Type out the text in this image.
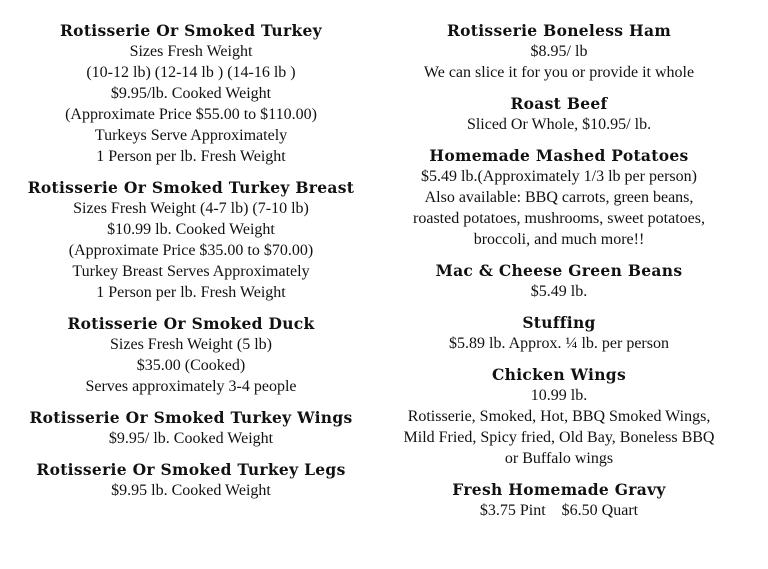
Rotisserie Or Smoked Turkey
Sizes Fresh Weight
(10-12 lb) (12-14 lb ) (14-16 lb )
$9.95/lb. Cooked Weight
(Approximate Price $55.00 to $110.00)
Turkeys Serve Approximately
1 Person per lb. Fresh Weight
Rotisserie Or Smoked Turkey Breast
Sizes Fresh Weight (4-7 lb) (7-10 lb)
$10.99 lb. Cooked Weight
(Approximate Price $35.00 to $70.00)
Turkey Breast Serves Approximately
1 Person per lb. Fresh Weight
Rotisserie Or Smoked Duck
Sizes Fresh Weight (5 lb)
$35.00 (Cooked)
Serves approximately 3-4 people
Rotisserie Or Smoked Turkey Wings
$9.95/ lb. Cooked Weight
Rotisserie Or Smoked Turkey Legs
$9.95 lb. Cooked Weight
Rotisserie Boneless Ham
$8.95/ lb
We can slice it for you or provide it whole
Roast Beef
Sliced Or Whole, $10.95/ lb.
Homemade Mashed Potatoes
$5.49 lb.(Approximately 1/3 lb per person)
Also available: BBQ carrots, green beans,
roasted potatoes, mushrooms, sweet potatoes,
broccoli, and much more!!
Mac & Cheese Green Beans
$5.49 lb.
Stuffing
$5.89 lb. Approx. ¼ lb. per person
Chicken Wings
10.99 lb.
Rotisserie, Smoked, Hot, BBQ Smoked Wings,
Mild Fried, Spicy fried, Old Bay, Boneless BBQ
or Buffalo wings
Fresh Homemade Gravy
$3.75 Pint    $6.50 Quart
